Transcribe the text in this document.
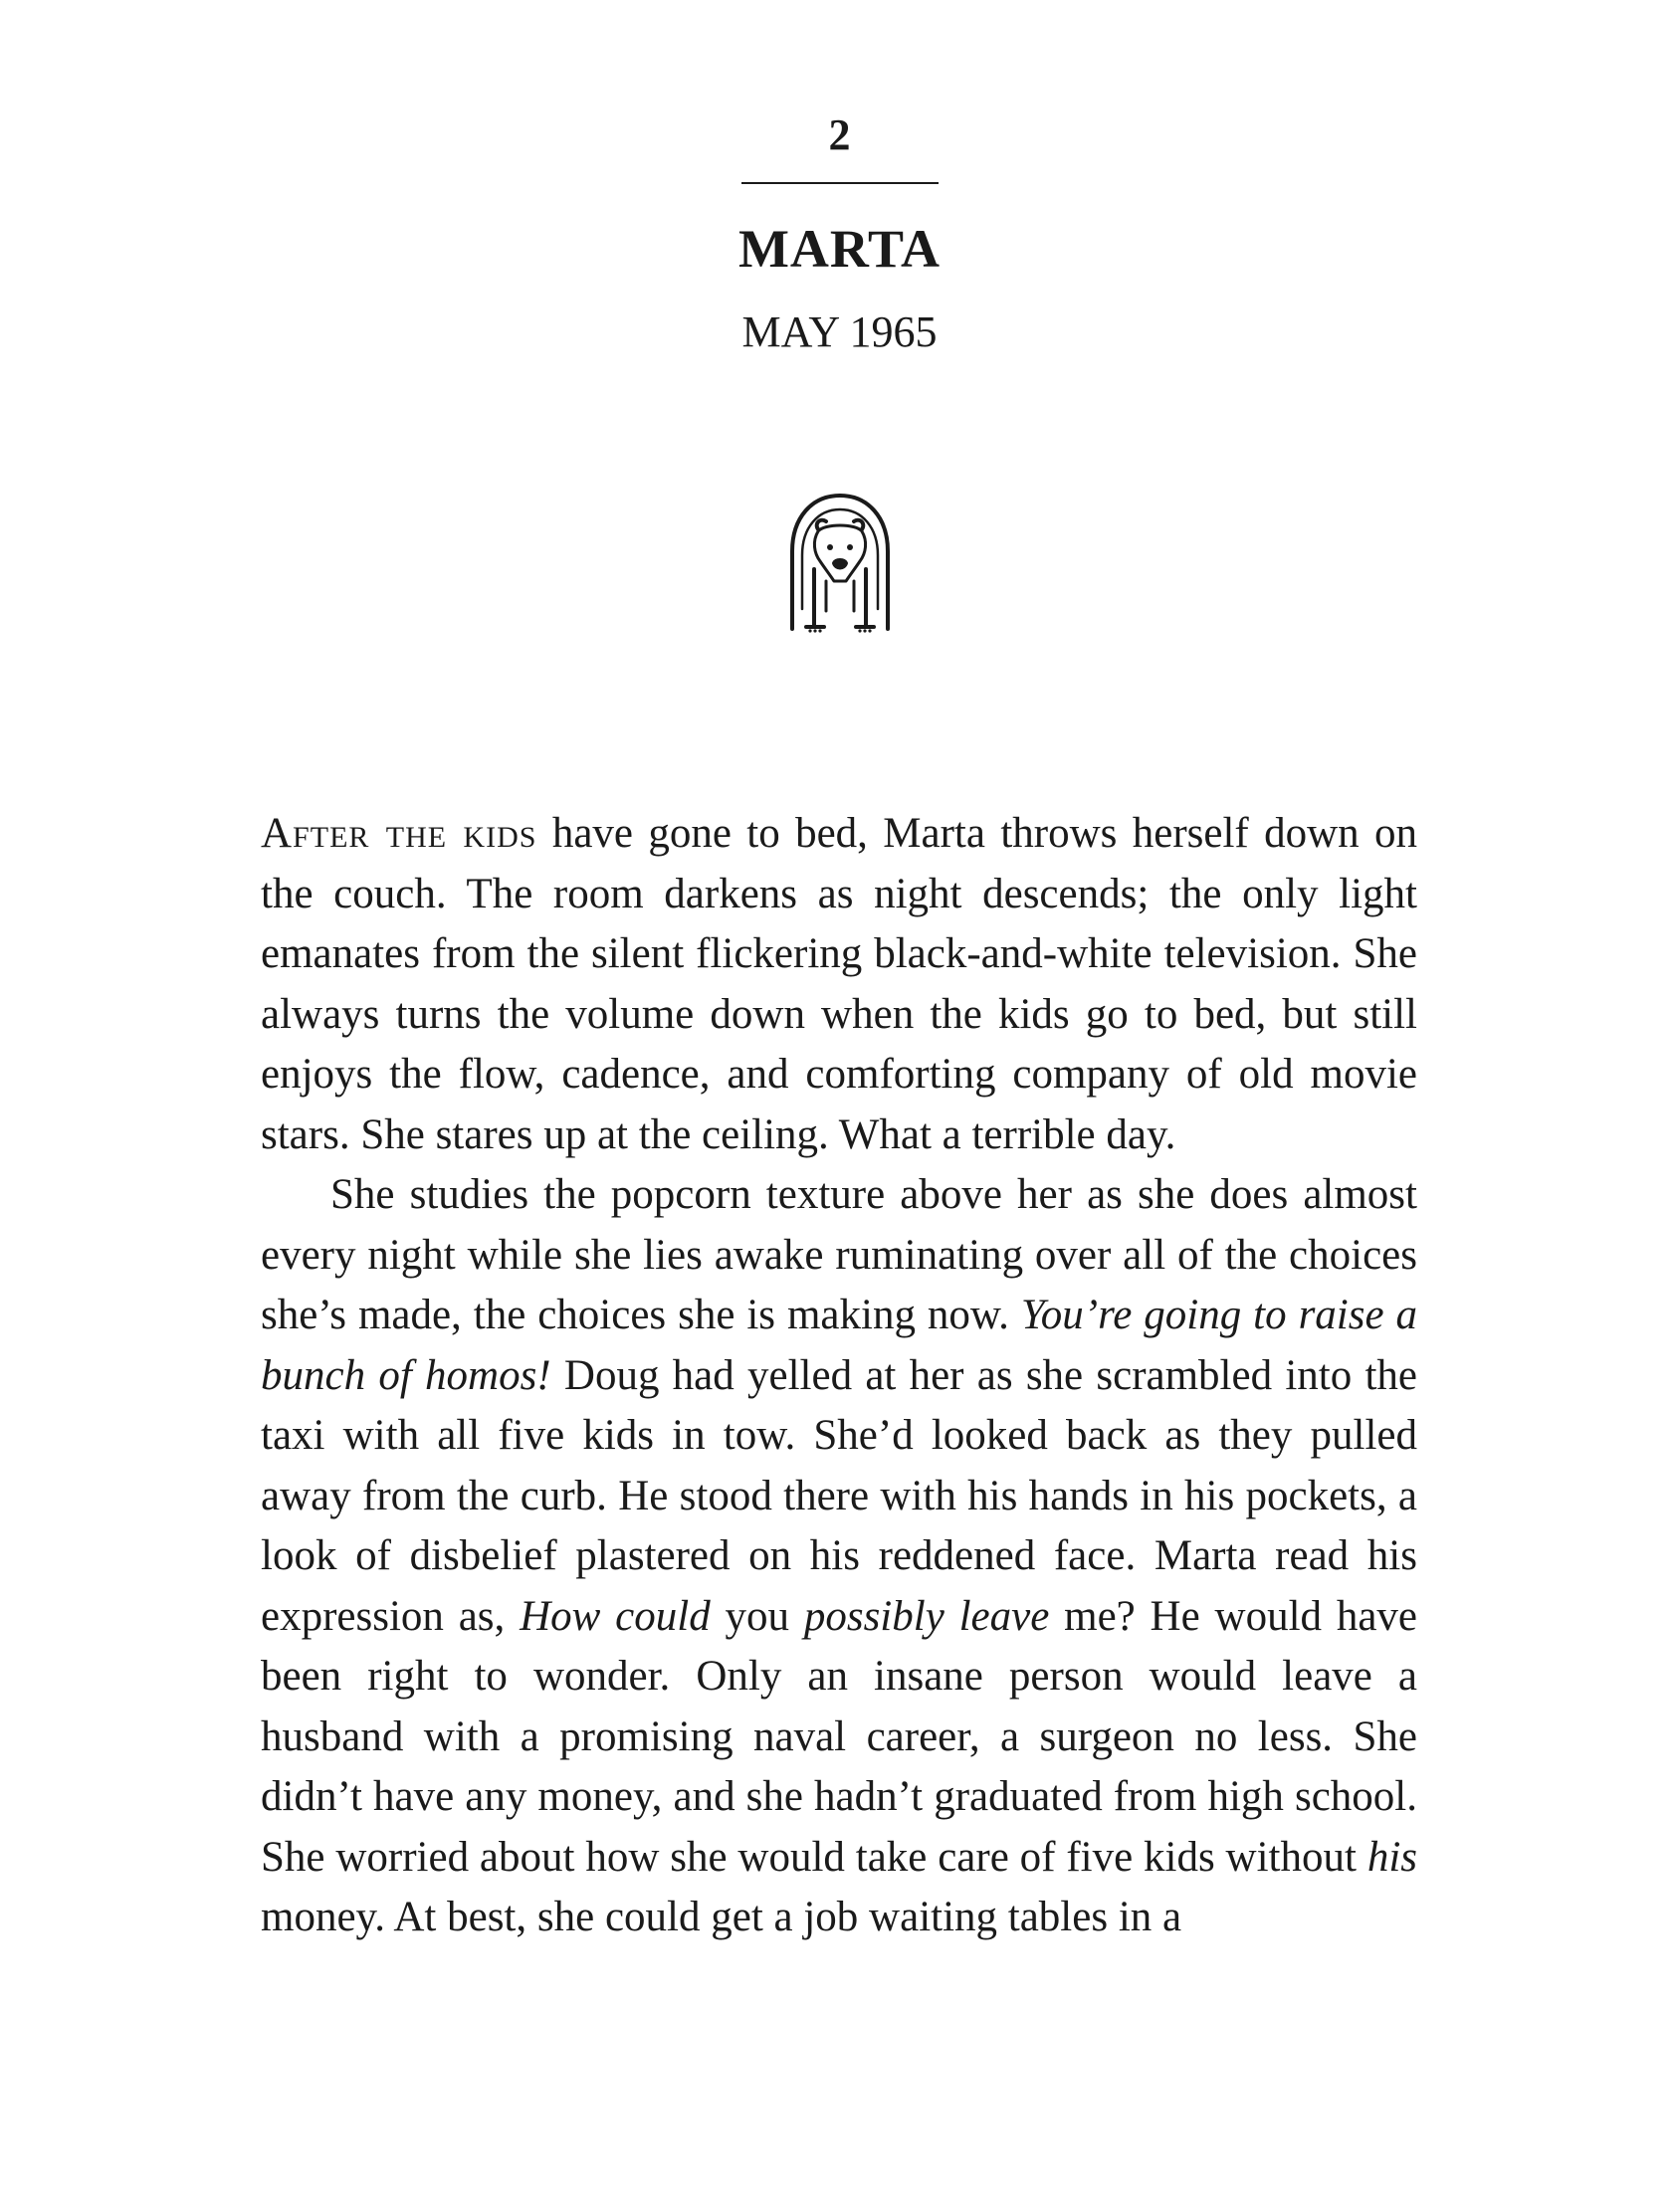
2
MARTA
MAY 1965

After the kids have gone to bed, Marta throws herself down on the couch. The room darkens as night descends; the only light emanates from the silent flickering black-and-white television. She always turns the volume down when the kids go to bed, but still enjoys the flow, cadence, and comforting company of old movie stars. She stares up at the ceiling. What a terrible day.

She studies the popcorn texture above her as she does almost every night while she lies awake ruminating over all of the choices she’s made, the choices she is making now. You’re going to raise a bunch of homos! Doug had yelled at her as she scrambled into the taxi with all five kids in tow. She’d looked back as they pulled away from the curb. He stood there with his hands in his pockets, a look of disbelief plastered on his reddened face. Marta read his expression as, How could you possibly leave me? He would have been right to wonder. Only an insane person would leave a husband with a promising naval career, a surgeon no less. She didn’t have any money, and she hadn’t graduated from high school. She worried about how she would take care of five kids without his money. At best, she could get a job waiting tables in a
